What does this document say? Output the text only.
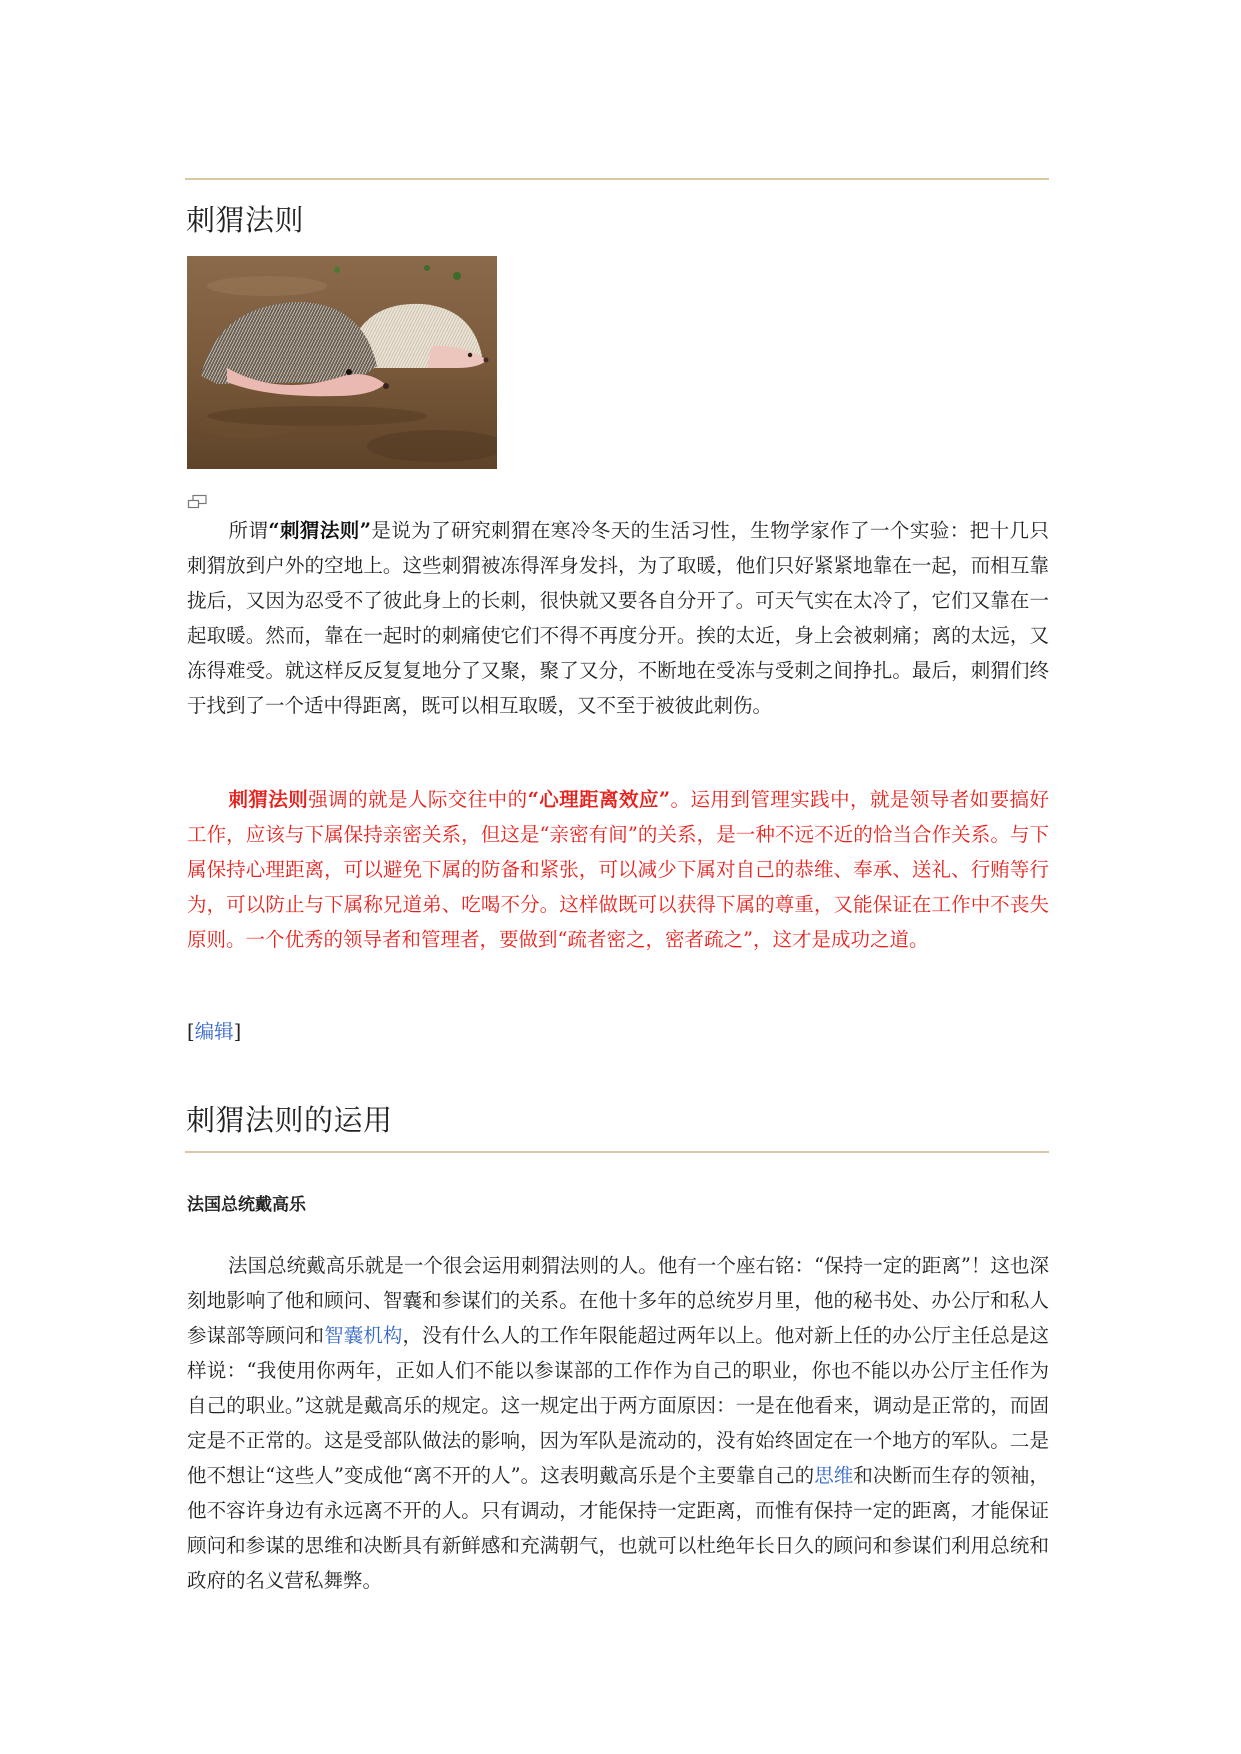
刺猬法则

所谓“刺猬法则”是说为了研究刺猬在寒冷冬天的生活习性，生物学家作了一个实验：把十几只刺猬放到户外的空地上。这些刺猬被冻得浑身发抖，为了取暖，他们只好紧紧地靠在一起，而相互靠拢后，又因为忍受不了彼此身上的长刺，很快就又要各自分开了。可天气实在太冷了，它们又靠在一起取暖。然而，靠在一起时的刺痛使它们不得不再度分开。挨的太近，身上会被刺痛；离的太远，又冻得难受。就这样反反复复地分了又聚，聚了又分，不断地在受冻与受刺之间挣扎。最后，刺猬们终于找到了一个适中得距离，既可以相互取暖，又不至于被彼此刺伤。

刺猬法则强调的就是人际交往中的“心理距离效应”。运用到管理实践中，就是领导者如要搞好工作，应该与下属保持亲密关系，但这是“亲密有间”的关系，是一种不远不近的恰当合作关系。与下属保持心理距离，可以避免下属的防备和紧张，可以减少下属对自己的恭维、奉承、送礼、行贿等行为，可以防止与下属称兄道弟、吃喝不分。这样做既可以获得下属的尊重，又能保证在工作中不丧失原则。一个优秀的领导者和管理者，要做到“疏者密之，密者疏之”，这才是成功之道。

[编辑]
刺猬法则的运用
法国总统戴高乐

法国总统戴高乐就是一个很会运用刺猬法则的人。他有一个座右铭：“保持一定的距离”！这也深刻地影响了他和顾问、智囊和参谋们的关系。在他十多年的总统岁月里，他的秘书处、办公厅和私人参谋部等顾问和智囊机构，没有什么人的工作年限能超过两年以上。他对新上任的办公厅主任总是这样说：“我使用你两年，正如人们不能以参谋部的工作作为自己的职业，你也不能以办公厅主任作为自己的职业。”这就是戴高乐的规定。这一规定出于两方面原因：一是在他看来，调动是正常的，而固定是不正常的。这是受部队做法的影响，因为军队是流动的，没有始终固定在一个地方的军队。二是他不想让“这些人”变成他“离不开的人”。这表明戴高乐是个主要靠自己的思维和决断而生存的领袖，他不容许身边有永远离不开的人。只有调动，才能保持一定距离，而惟有保持一定的距离，才能保证顾问和参谋的思维和决断具有新鲜感和充满朝气，也就可以杜绝年长日久的顾问和参谋们利用总统和政府的名义营私舞弊。
